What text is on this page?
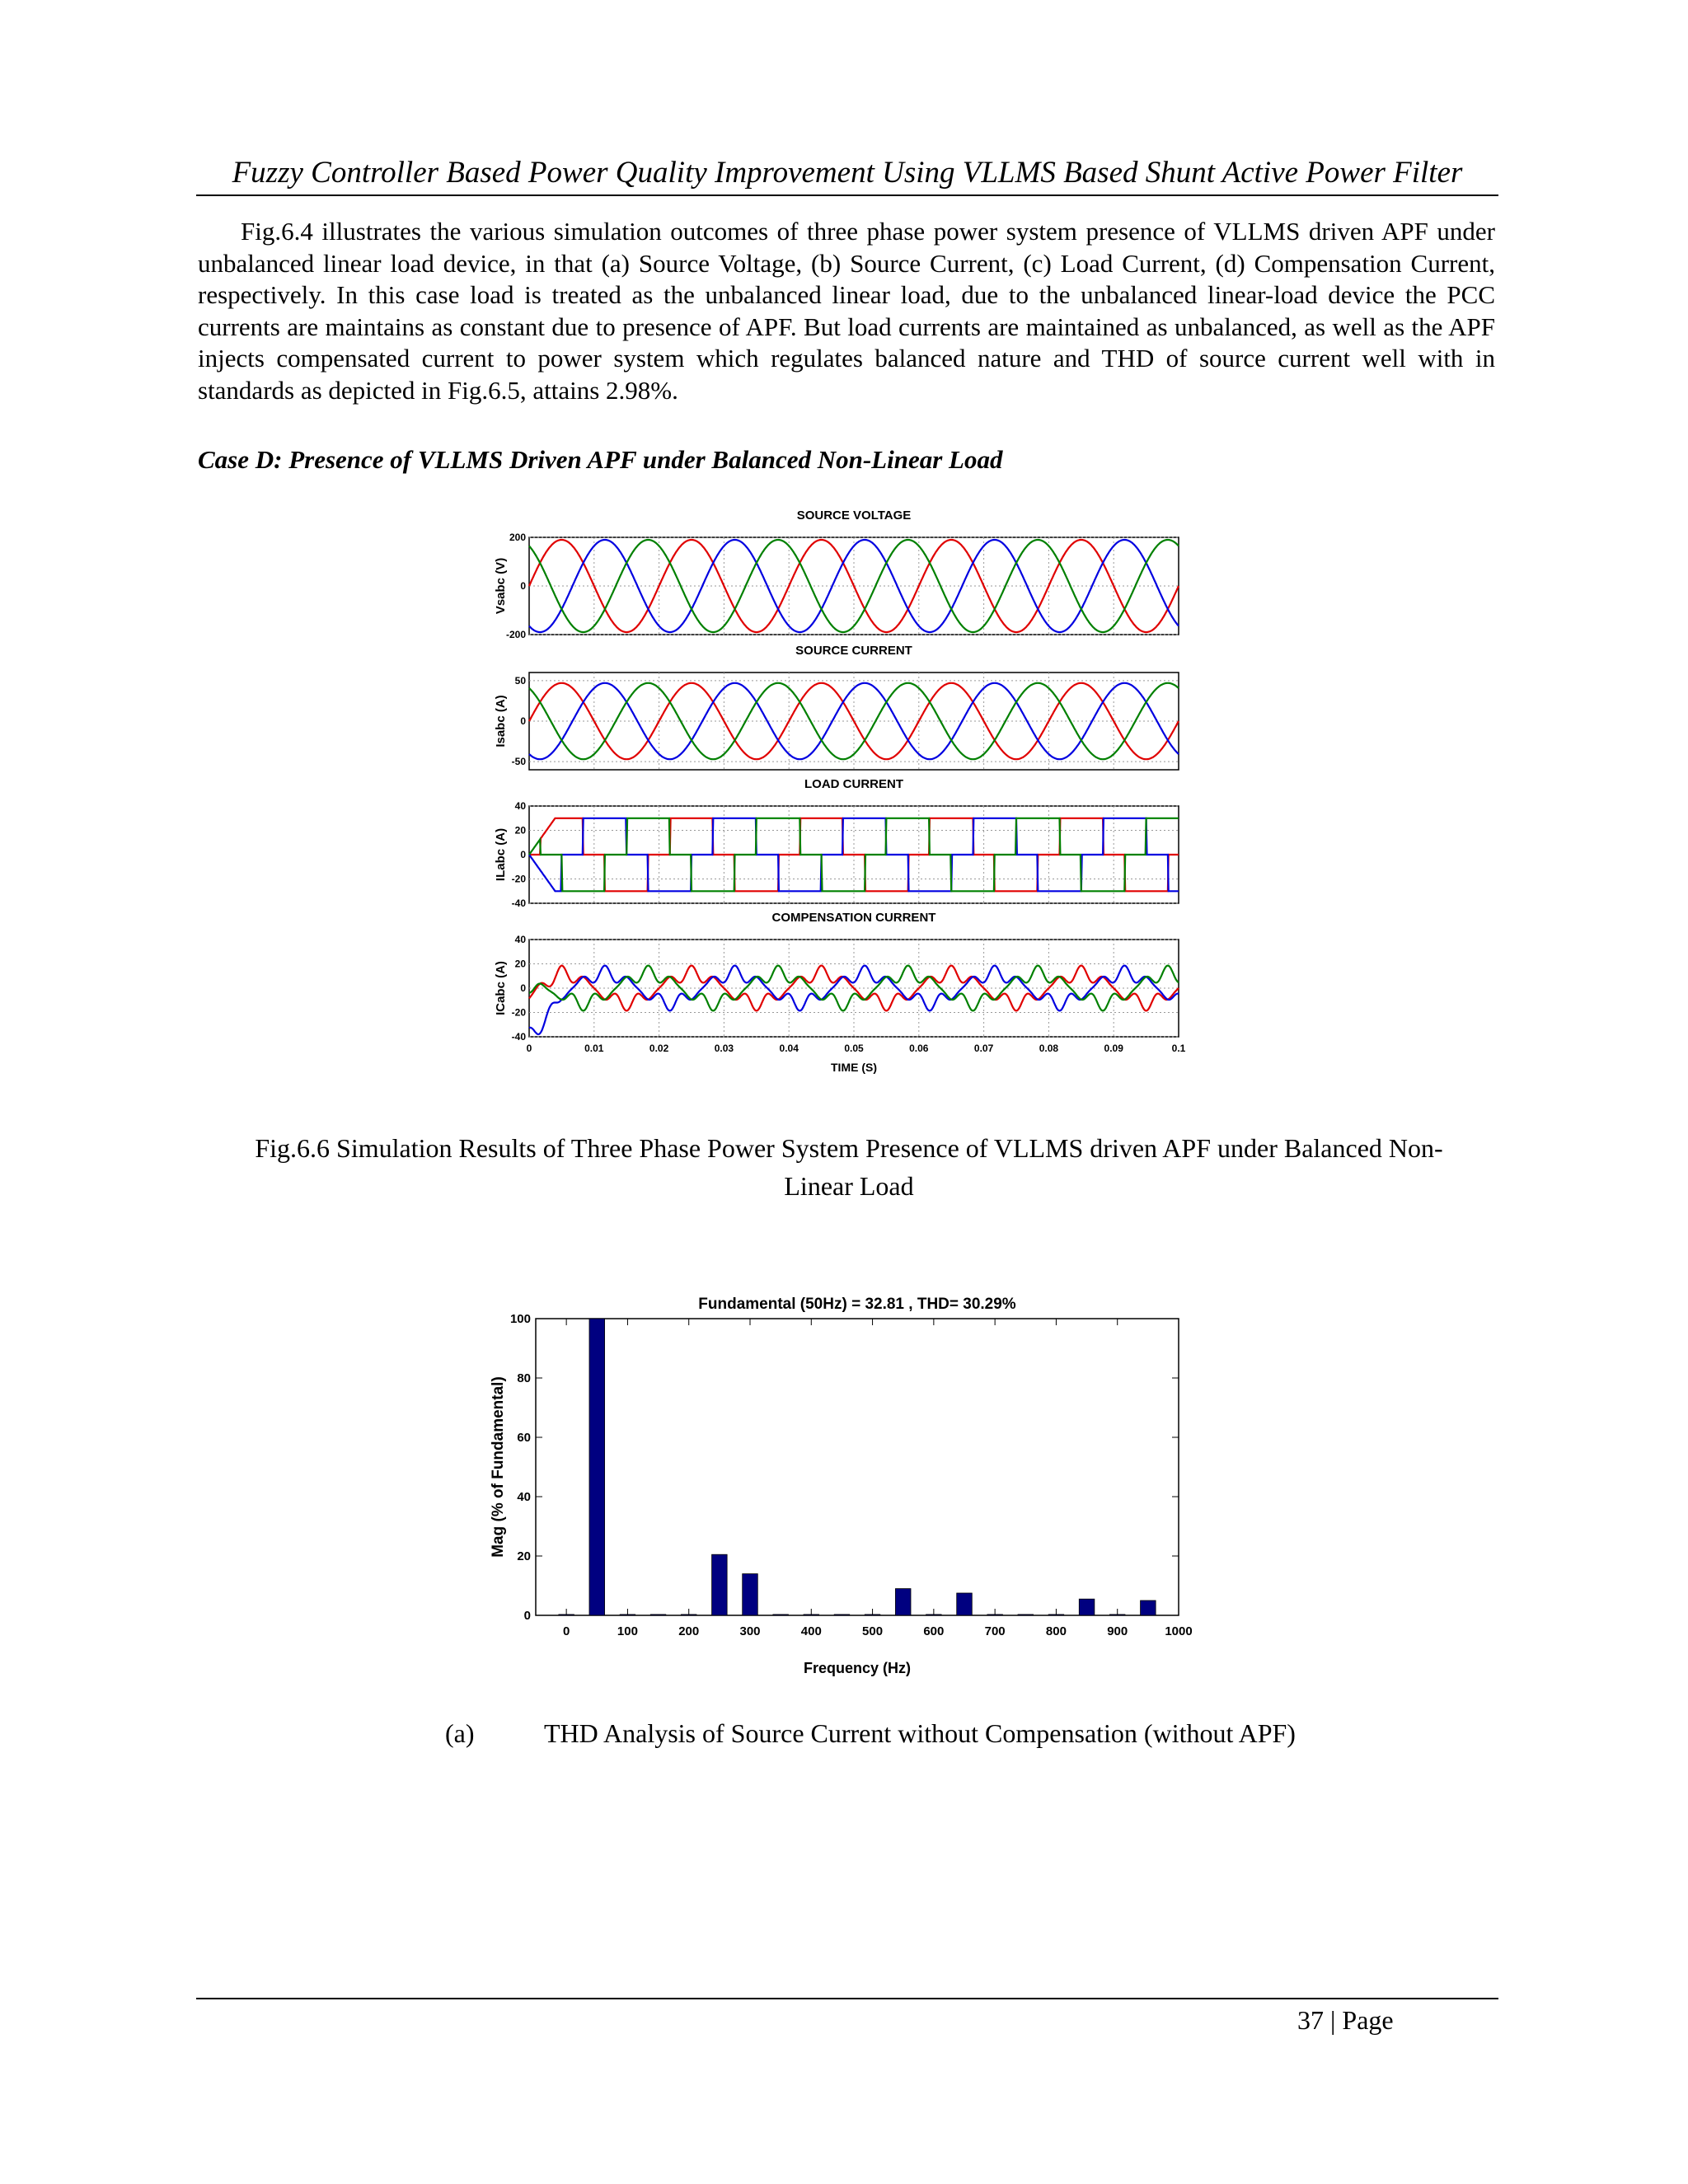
Fuzzy Controller Based Power Quality Improvement Using VLLMS Based Shunt Active Power Filter

Fig.6.4 illustrates the various simulation outcomes of three phase power system presence of VLLMS driven APF under unbalanced linear load device, in that (a) Source Voltage, (b) Source Current, (c) Load Current, (d) Compensation Current, respectively. In this case load is treated as the unbalanced linear load, due to the unbalanced linear-load device the PCC currents are maintains as constant due to presence of APF. But load currents are maintained as unbalanced, as well as the APF injects compensated current to power system which regulates balanced nature and THD of source current well with in standards as depicted in Fig.6.5, attains 2.98%.

Case D: Presence of VLLMS Driven APF under Balanced Non-Linear Load
SOURCE VOLTAGE
200
0
-200
Vsabc (V)
SOURCE CURRENT
50
0
-50
Isabc (A)
LOAD CURRENT
40
20
0
-20
-40
ILabc (A)
COMPENSATION CURRENT
40
20
0
-20
-40
ICabc (A)
0	0.01	0.02	0.03	0.04	0.05	0.06	0.07	0.08	0.09	0.1
TIME (S)
Fig.6.6 Simulation Results of Three Phase Power System Presence of VLLMS driven APF under Balanced Non-Linear Load
Fundamental (50Hz) = 32.81 , THD= 30.29%
0
20
40
60
80
100
0	100	200	300	400	500	600	700	800	900	1000
Frequency (Hz)
Mag (% of Fundamental)
(a)	THD Analysis of Source Current without Compensation (without APF)
37 | Page
